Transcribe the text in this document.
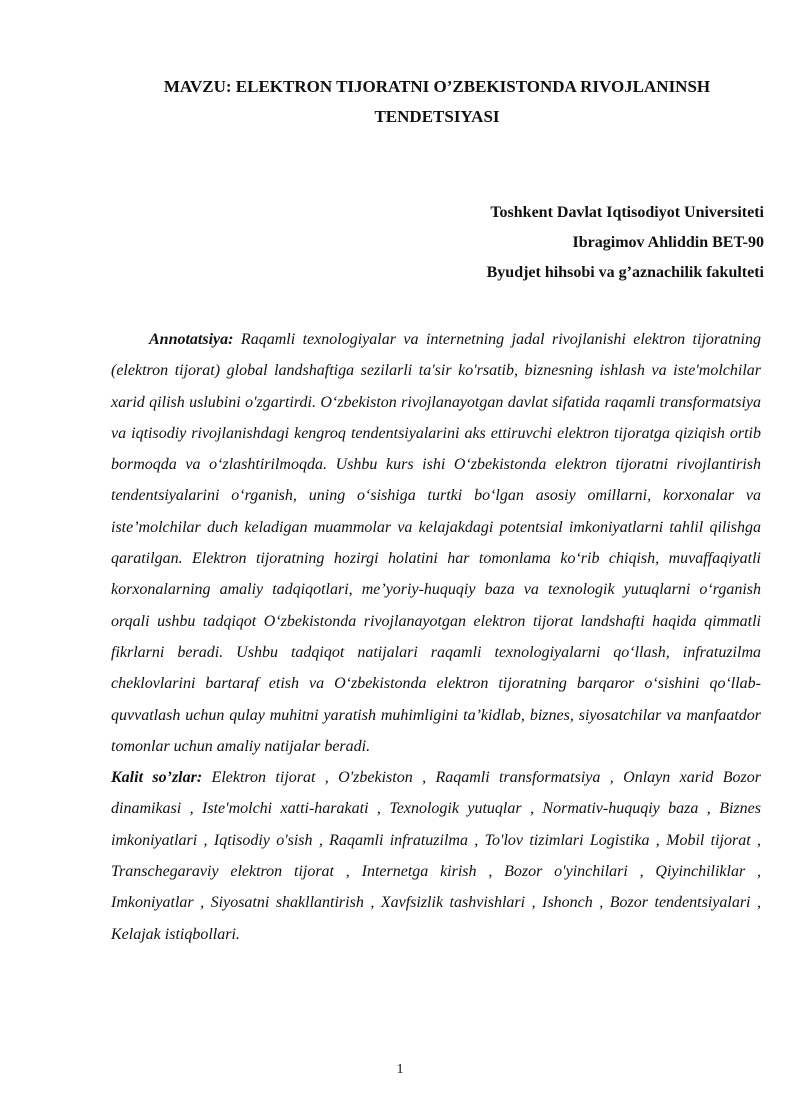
MAVZU: ELEKTRON TIJORATNI O’ZBEKISTONDA RIVOJLANINSH
TENDETSIYASI
Toshkent Davlat Iqtisodiyot Universiteti
Ibragimov Ahliddin BET-90
Byudjet hihsobi va g’aznachilik fakulteti

Annotatsiya: Raqamli texnologiyalar va internetning jadal rivojlanishi elektron tijoratning (elektron tijorat) global landshaftiga sezilarli ta'sir ko'rsatib, biznesning ishlash va iste'molchilar xarid qilish uslubini o'zgartirdi. O‘zbekiston rivojlanayotgan davlat sifatida raqamli transformatsiya va iqtisodiy rivojlanishdagi kengroq tendentsiyalarini aks ettiruvchi elektron tijoratga qiziqish ortib bormoqda va o‘zlashtirilmoqda. Ushbu kurs ishi O‘zbekistonda elektron tijoratni rivojlantirish tendentsiyalarini o‘rganish, uning o‘sishiga turtki bo‘lgan asosiy omillarni, korxonalar va iste’molchilar duch keladigan muammolar va kelajakdagi potentsial imkoniyatlarni tahlil qilishga qaratilgan. Elektron tijoratning hozirgi holatini har tomonlama ko‘rib chiqish, muvaffaqiyatli korxonalarning amaliy tadqiqotlari, me’yoriy-huquqiy baza va texnologik yutuqlarni o‘rganish orqali ushbu tadqiqot O‘zbekistonda rivojlanayotgan elektron tijorat landshafti haqida qimmatli fikrlarni beradi. Ushbu tadqiqot natijalari raqamli texnologiyalarni qo‘llash, infratuzilma cheklovlarini bartaraf etish va O‘zbekistonda elektron tijoratning barqaror o‘sishini qo‘llab-quvvatlash uchun qulay muhitni yaratish muhimligini ta’kidlab, biznes, siyosatchilar va manfaatdor tomonlar uchun amaliy natijalar beradi.

Kalit so’zlar: Elektron tijorat , O'zbekiston , Raqamli transformatsiya , Onlayn xarid Bozor dinamikasi , Iste'molchi xatti-harakati , Texnologik yutuqlar , Normativ-huquqiy baza , Biznes imkoniyatlari , Iqtisodiy o'sish , Raqamli infratuzilma , To'lov tizimlari Logistika , Mobil tijorat , Transchegaraviy elektron tijorat , Internetga kirish , Bozor o'yinchilari , Qiyinchiliklar , Imkoniyatlar , Siyosatni shakllantirish , Xavfsizlik tashvishlari , Ishonch , Bozor tendentsiyalari , Kelajak istiqbollari.

1
